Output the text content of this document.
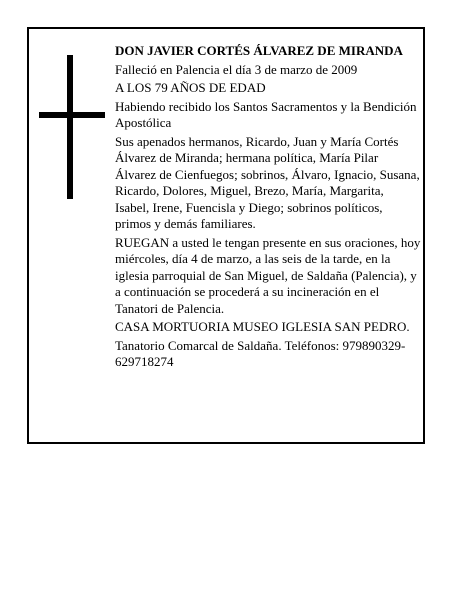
DON JAVIER CORTÉS ÁLVAREZ DE MIRANDA

Falleció en Palencia el día 3 de marzo de 2009

A LOS 79 AÑOS DE EDAD

Habiendo recibido los Santos Sacramentos y la Bendición Apostólica

Sus apenados hermanos, Ricardo, Juan y María Cortés Álvarez de Miranda; hermana política, María Pilar Álvarez de Cienfuegos; sobrinos, Álvaro, Ignacio, Susana, Ricardo, Dolores, Miguel, Brezo, María, Margarita, Isabel, Irene, Fuencisla y Diego; sobrinos políticos, primos y demás familiares.

RUEGAN a usted le tengan presente en sus oraciones, hoy miércoles, día 4 de marzo, a las seis de la tarde, en la iglesia parroquial de San Miguel, de Saldaña (Palencia), y a continuación se procederá a su incineración en el Tanatori de Palencia.

CASA MORTUORIA MUSEO IGLESIA SAN PEDRO.

Tanatorio Comarcal de Saldaña. Teléfonos: 979890329-629718274
